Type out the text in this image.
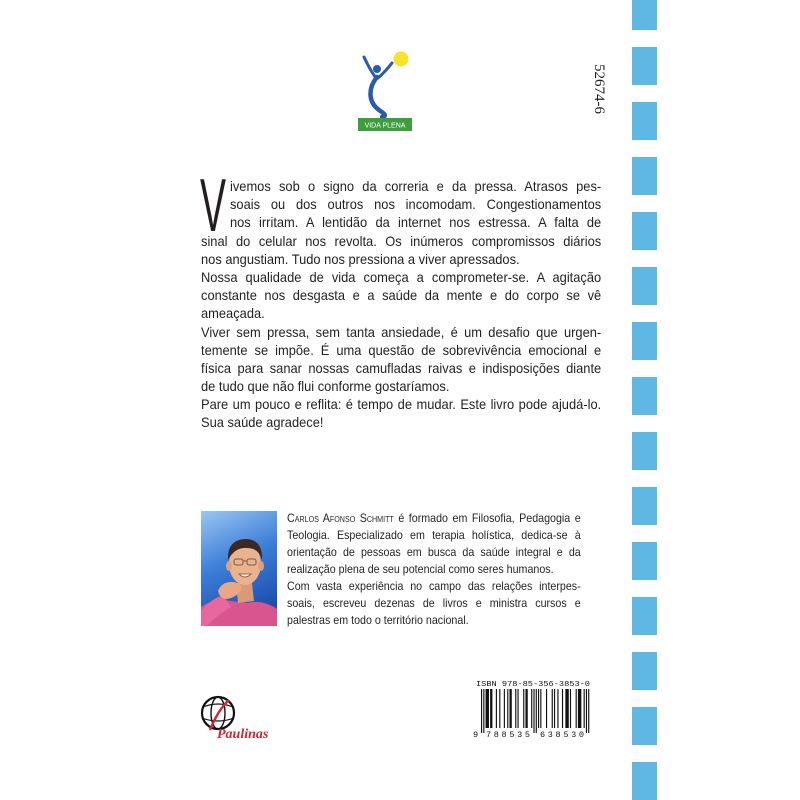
VIDA PLENA
52674-6
V ivemos sob o signo da correria e da pressa. Atrasos pes-
soais ou dos outros nos incomodam. Congestionamentos
nos irritam. A lentidão da internet nos estressa. A falta de
sinal do celular nos revolta. Os inúmeros compromissos diários
nos angustiam. Tudo nos pressiona a viver apressados.
Nossa qualidade de vida começa a comprometer-se. A agitação
constante nos desgasta e a saúde da mente e do corpo se vê
ameaçada.
Viver sem pressa, sem tanta ansiedade, é um desafio que urgen-
temente se impõe. É uma questão de sobrevivência emocional e
física para sanar nossas camufladas raivas e indisposições diante
de tudo que não flui conforme gostaríamos.
Pare um pouco e reflita: é tempo de mudar. Este livro pode ajudá-lo.
Sua saúde agradece!
Carlos Afonso Schmitt é formado em Filosofia, Pedagogia e
Teologia. Especializado em terapia holística, dedica-se à
orientação de pessoas em busca da saúde integral e da
realização plena de seu potencial como seres humanos.
Com vasta experiência no campo das relações interpes-
soais, escreveu dezenas de livros e ministra cursos e
palestras em todo o território nacional.
Paulinas
ISBN 978-85-356-3853-0
9 788535 638530
